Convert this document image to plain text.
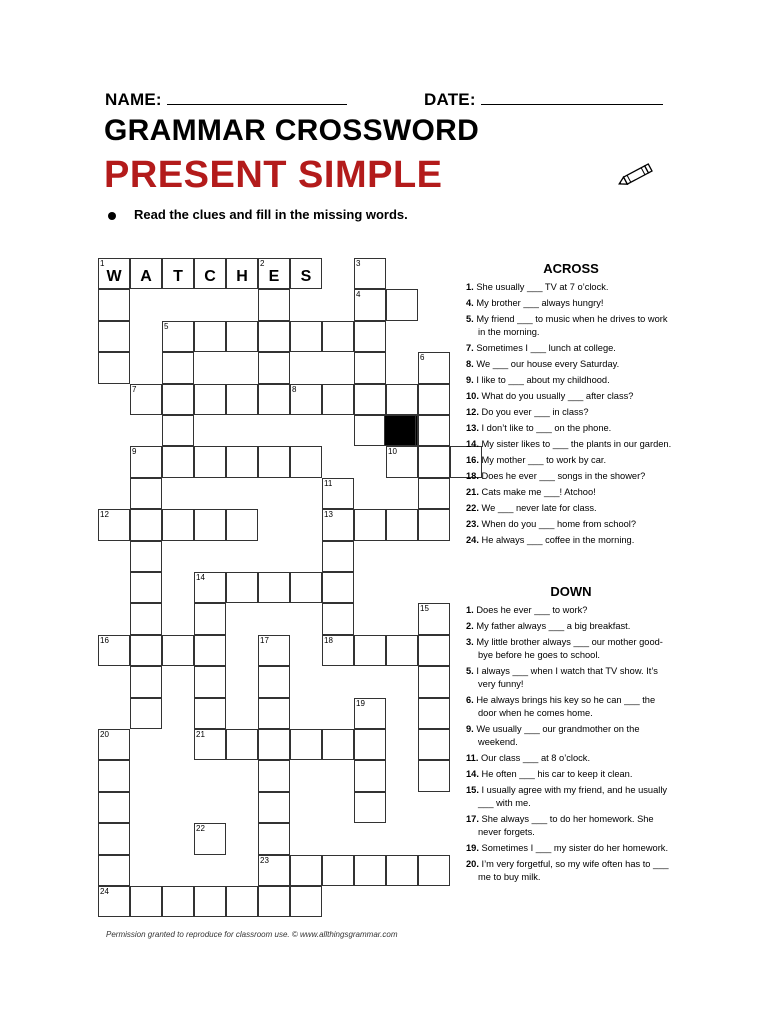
NAME:	DATE:
GRAMMAR CROSSWORD
PRESENT SIMPLE
Read the clues and fill in the missing words.
1	2	3
4
5
6
7	8
9	10
11
12	13
14
15
16	17	18
19
20	21
22
23
24
W	A	T	C	H	E	S	ACROSS
1. She usually ___ TV at 7 o’clock.
4. My brother ___ always hungry!
5. My friend ___ to music when he drives to work in the morning.
7. Sometimes I ___ lunch at college.
8. We ___ our house every Saturday.
9. I like to ___ about my childhood.
10. What do you usually ___ after class?
12. Do you ever ___ in class?
13. I don’t like to ___ on the phone.
14. My sister likes to ___ the plants in our garden.
16. My mother ___ to work by car.
18. Does he ever ___ songs in the shower?
21. Cats make me ___! Atchoo!
22. We ___ never late for class.
23. When do you ___ home from school?
24. He always ___ coffee in the morning.
DOWN
1. Does he ever ___ to work?
2. My father always ___ a big breakfast.
3. My little brother always ___ our mother good-bye before he goes to school.
5. I always ___ when I watch that TV show. It’s very funny!
6. He always brings his key so he can ___ the door when he comes home.
9. We usually ___ our grandmother on the weekend.
11. Our class ___ at 8 o’clock.
14. He often ___ his car to keep it clean.
15. I usually agree with my friend, and he usually ___ with me.
17. She always ___ to do her homework. She never forgets.
19. Sometimes I ___ my sister do her homework.
20. I’m very forgetful, so my wife often has to ___ me to buy milk.
Permission granted to reproduce for classroom use. © www.allthingsgrammar.com
